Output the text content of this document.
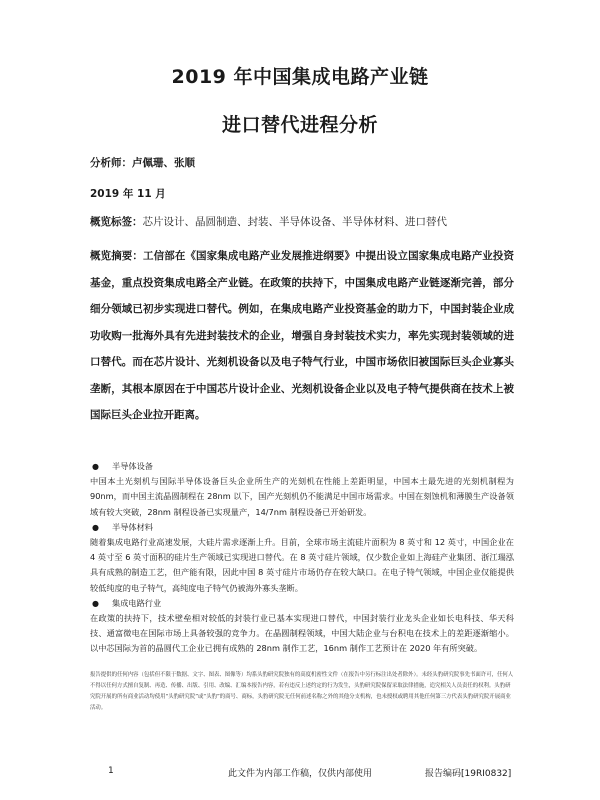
2019 年中国集成电路产业链
进口替代进程分析
分析师：卢佩珊、张顺
2019 年 11 月
概览标签：芯片设计、晶圆制造、封装、半导体设备、半导体材料、进口替代
概览摘要：工信部在《国家集成电路产业发展推进纲要》中提出设立国家集成电路产业投资基金，重点投资集成电路全产业链。在政策的扶持下，中国集成电路产业链逐渐完善，部分细分领域已初步实现进口替代。例如，在集成电路产业投资基金的助力下，中国封装企业成功收购一批海外具有先进封装技术的企业，增强自身封装技术实力，率先实现封装领域的进口替代。而在芯片设计、光刻机设备以及电子特气行业，中国市场依旧被国际巨头企业寡头垄断，其根本原因在于中国芯片设计企业、光刻机设备企业以及电子特气提供商在技术上被国际巨头企业拉开距离。
● 半导体设备
中国本土光刻机与国际半导体设备巨头企业所生产的光刻机在性能上差距明显，中国本土最先进的光刻机制程为 90nm，而中国主流晶圆制程在 28nm 以下，国产光刻机仍不能满足中国市场需求。中国在刻蚀机和薄膜生产设备领域有较大突破，28nm 制程设备已实现量产，14/7nm 制程设备已开始研发。
● 半导体材料
随着集成电路行业高速发展，大硅片需求逐渐上升。目前，全球市场主流硅片面积为 8 英寸和 12 英寸，中国企业在 4 英寸至 6 英寸面积的硅片生产领域已实现进口替代。在 8 英寸硅片领域，仅少数企业如上海硅产业集团、浙江瑞泓具有成熟的制造工艺，但产能有限，因此中国 8 英寸硅片市场仍存在较大缺口。在电子特气领域，中国企业仅能提供较低纯度的电子特气，高纯度电子特气仍被海外寡头垄断。
● 集成电路行业
在政策的扶持下，技术壁垒相对较低的封装行业已基本实现进口替代，中国封装行业龙头企业如长电科技、华天科技、通富微电在国际市场上具备较强的竞争力。在晶圆制程领域，中国大陆企业与台积电在技术上的差距逐渐缩小。以中芯国际为首的晶圆代工企业已拥有成熟的 28nm 制作工艺，16nm 制作工艺预计在 2020 年有所突破。
报告提供的任何内容（包括但不限于数据、文字、图表、图像等）均系头豹研究院独有的高度机密性文件（在报告中另行标注出处者除外）。未经头豹研究院事先书面许可，任何人不得以任何方式擅自复制、再造、传播、出版、引用、改编、汇编本报告内容，若有违反上述约定的行为发生，头豹研究院保留采取法律措施，追究相关人员责任的权利。头豹研究院开展的所有商业活动均使用“头豹研究院”或“头豹”的商号、商标，头豹研究院无任何前述名称之外的其他分支机构，也未授权或聘用其他任何第三方代表头豹研究院开展商业活动。
1	此文件为内部工作稿，仅供内部使用	报告编码[19RI0832]
